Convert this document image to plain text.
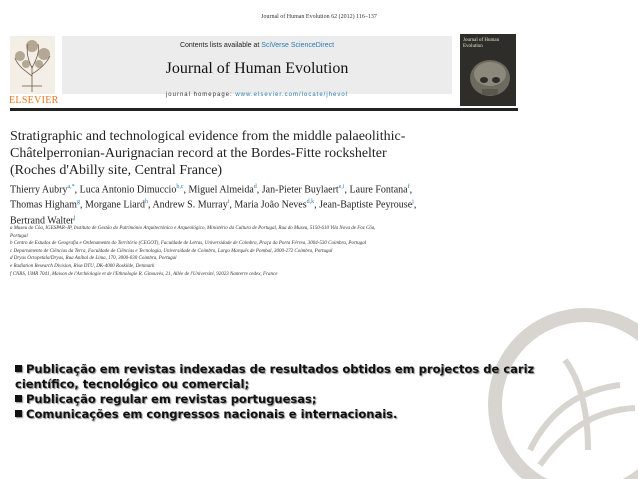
Journal of Human Evolution 62 (2012) 116–137
ELSEVIER
Contents lists available at SciVerse ScienceDirect
Journal of Human Evolution
journal homepage: www.elsevier.com/locate/jhevol
Journal of Human Evolution
Stratigraphic and technological evidence from the middle palaeolithic-
Châtelperronian-Aurignacian record at the Bordes-Fitte rockshelter
(Roches d'Abilly site, Central France)
Thierry Aubry$^{a,*}$, Luca Antonio Dimuccio$^{b,c}$, Miguel Almeida$^d$, Jan-Pieter Buylaert$^{e,i}$, Laure Fontana$^f$,
Thomas Higham$^g$, Morgane Liard$^h$, Andrew S. Murray$^i$, Maria João Neves$^{d,k}$, Jean-Baptiste Peyrouse$^j$,
Bertrand Walter$^j$
a Museu do Côa, IGESPAR–IP, Instituto de Gestão do Património Arquitectónico e Arqueológico, Ministério da Cultura de Portugal, Rua do Museu, 5150-610 Vila Nova de Foz Côa,
Portugal
b Centro de Estudos de Geografia e Ordenamento do Território (CEGOT), Faculdade de Letras, Universidade de Coimbra, Praça da Porta Férrea, 3004-530 Coimbra, Portugal
c Departamento de Ciências da Terra, Faculdade de Ciências e Tecnologia, Universidade de Coimbra, Largo Marquês de Pombal, 3000-272 Coimbra, Portugal
d Dryas Octopetala/Dryas, Rua Aníbal de Lima, 170, 3000-030 Coimbra, Portugal
e Radiation Research Division, Risø DTU, DK-4000 Roskilde, Denmark
f CNRS, UMR 7041, Maison de l'Archéologie et de l'Ethnologie R. Ginouvès, 21, Allée de l'Université, 92023 Nanterre cedex, France
Publicação em revistas indexadas de resultados obtidos em projectos de cariz
científico, tecnológico ou comercial;
Publicação regular em revistas portuguesas;
Comunicações em congressos nacionais e internacionais.
